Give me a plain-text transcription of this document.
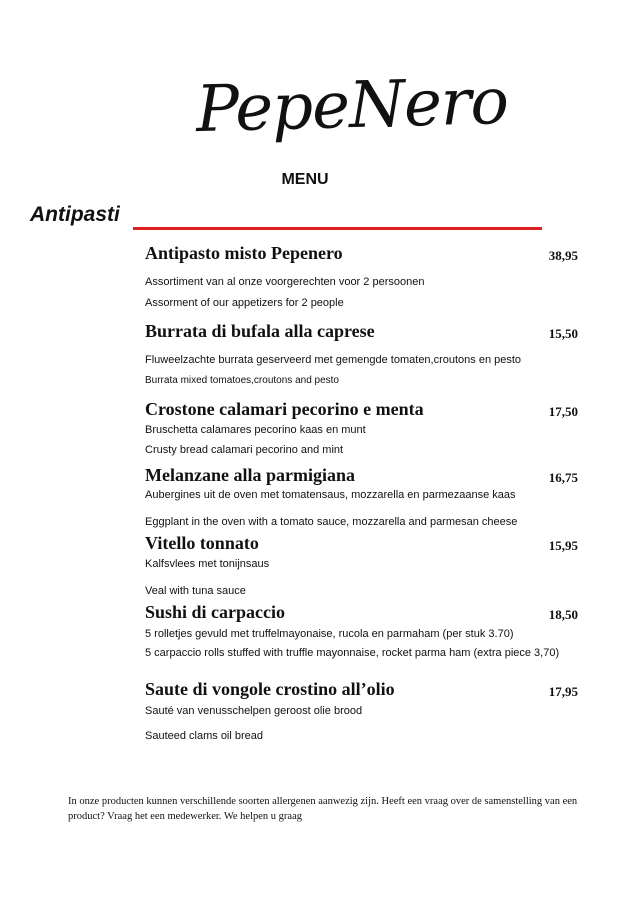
PepeNero
MENU
Antipasti
Antipasto misto Pepenero	38,95
Assortiment van al onze voorgerechten voor 2 persoonen
Assorment of our appetizers for 2 people
Burrata di bufala alla caprese	15,50
Fluweelzachte burrata geserveerd met gemengde tomaten,croutons en pesto
Burrata mixed tomatoes,croutons and pesto
Crostone calamari pecorino e menta	17,50
Bruschetta calamares pecorino kaas en munt
Crusty bread calamari pecorino and mint
Melanzane alla parmigiana	16,75
Aubergines uit de oven met tomatensaus, mozzarella en parmezaanse kaas
Eggplant in the oven with a tomato sauce, mozzarella and parmesan cheese
Vitello tonnato	15,95
Kalfsvlees met tonijnsaus
Veal with tuna sauce
Sushi di carpaccio	18,50
5 rolletjes gevuld met truffelmayonaise, rucola en parmaham (per stuk 3.70)
5 carpaccio rolls stuffed with truffle mayonnaise, rocket parma ham (extra piece 3,70)
Saute di vongole crostino all’olio	17,95
Sauté van venusschelpen geroost olie brood
Sauteed clams oil bread
In onze producten kunnen verschillende soorten allergenen aanwezig zijn. Heeft een vraag over de samenstelling van een product? Vraag het een medewerker. We helpen u graag
